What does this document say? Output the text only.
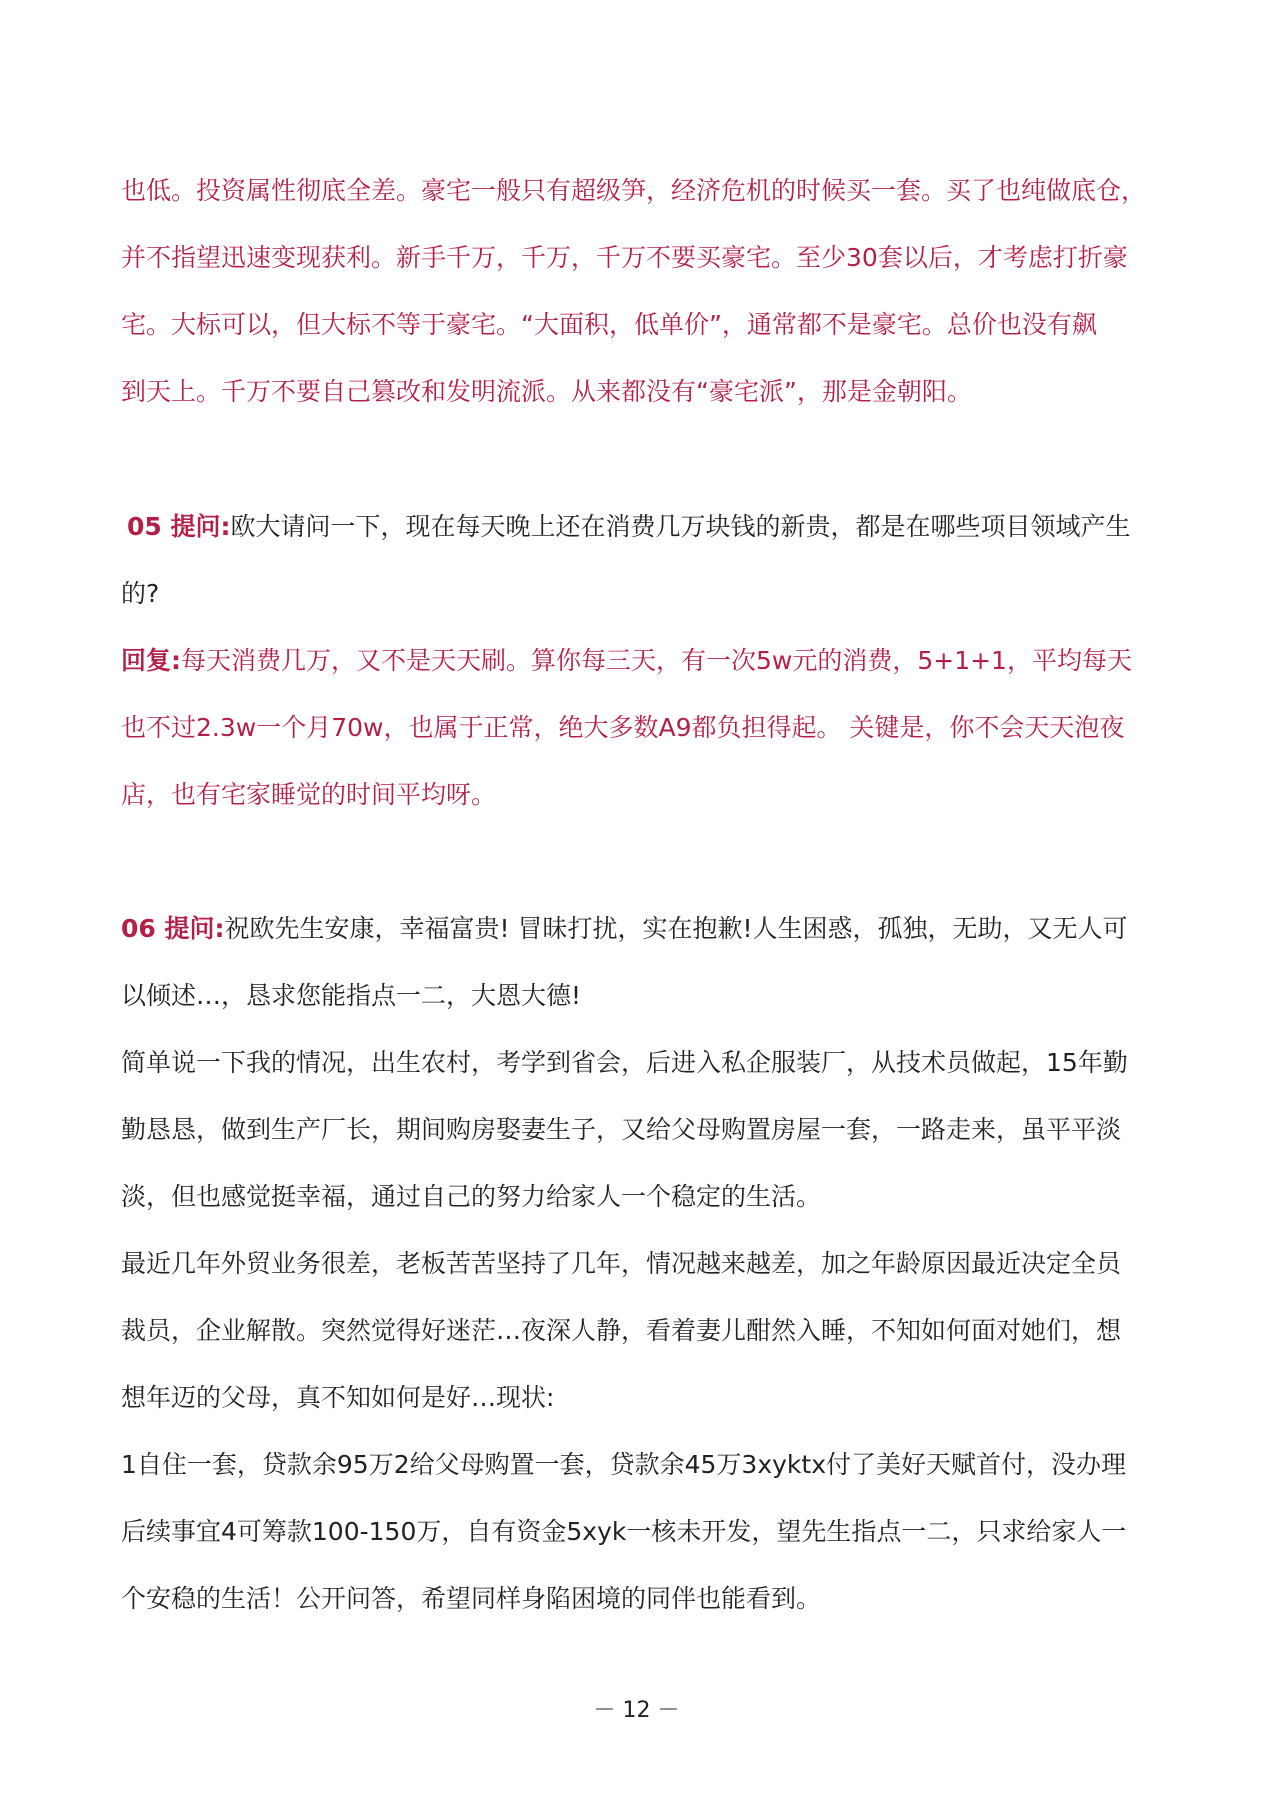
也低。投资属性彻底全差。豪宅一般只有超级笋，经济危机的时候买一套。买了也纯做底仓，
并不指望迅速变现获利。新手千万，千万，千万不要买豪宅。至少30套以后，才考虑打折豪
宅。大标可以，但大标不等于豪宅。“大面积，低单价”，通常都不是豪宅。总价也没有飙
到天上。千万不要自己篡改和发明流派。从来都没有“豪宅派”，那是金朝阳。
05 提问:欧大请问一下，现在每天晚上还在消费几万块钱的新贵，都是在哪些项目领域产生
的?
回复:每天消费几万，又不是天天刷。算你每三天，有一次5w元的消费，5+1+1，平均每天
也不过2.3w一个月70w，也属于正常，绝大多数A9都负担得起。 关键是，你不会天天泡夜
店，也有宅家睡觉的时间平均呀。
06 提问:祝欧先生安康，幸福富贵! 冒昧打扰，实在抱歉!人生困惑，孤独，无助，又无人可
以倾述…，恳求您能指点一二，大恩大德!
简单说一下我的情况，出生农村，考学到省会，后进入私企服装厂，从技术员做起，15年勤
勤恳恳，做到生产厂长，期间购房娶妻生子，又给父母购置房屋一套，一路走来，虽平平淡
淡，但也感觉挺幸福，通过自己的努力给家人一个稳定的生活。
最近几年外贸业务很差，老板苦苦坚持了几年，情况越来越差，加之年龄原因最近决定全员
裁员，企业解散。突然觉得好迷茫…夜深人静，看着妻儿酣然入睡，不知如何面对她们，想
想年迈的父母，真不知如何是好…现状:
1自住一套，贷款余95万2给父母购置一套，贷款余45万3xyktx付了美好天赋首付，没办理
后续事宜4可筹款100-150万，自有资金5xyk一核未开发，望先生指点一二，只求给家人一
个安稳的生活！公开问答，希望同样身陷困境的同伴也能看到。
－ 12 －
